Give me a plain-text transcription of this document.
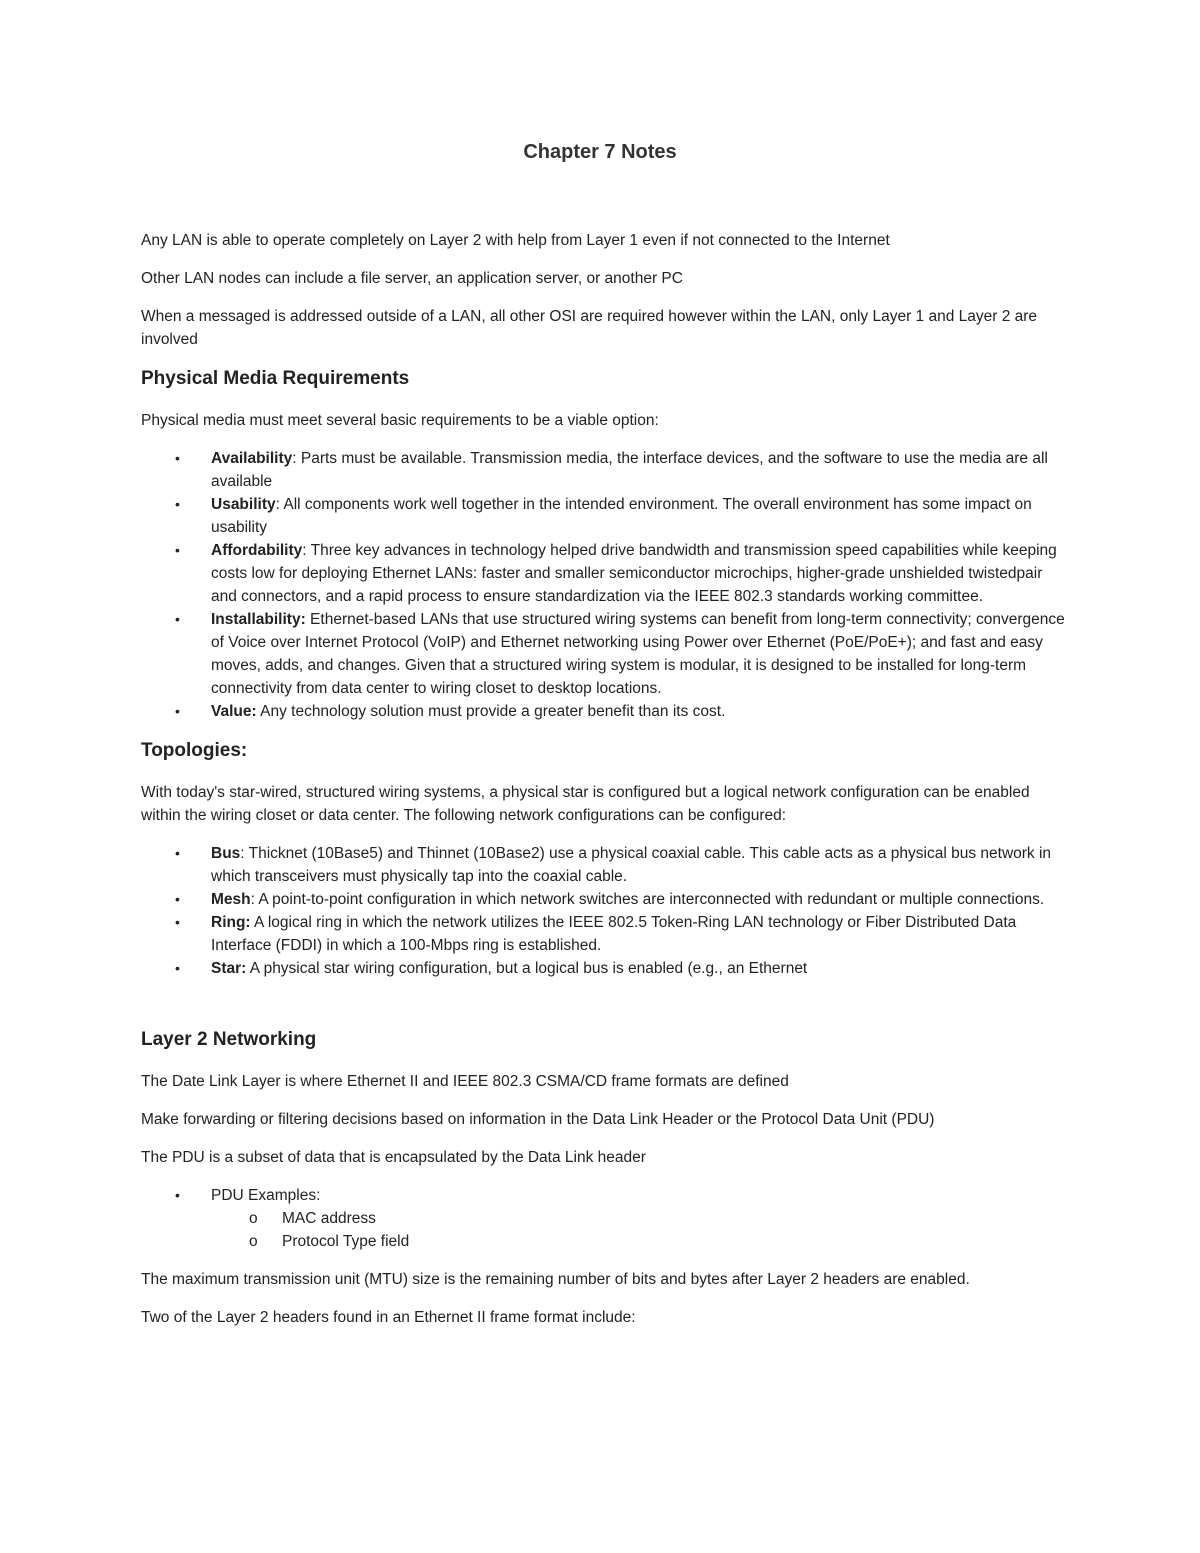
Chapter 7 Notes

Any LAN is able to operate completely on Layer 2 with help from Layer 1 even if not connected to the Internet

Other LAN nodes can include a file server, an application server, or another PC

When a messaged is addressed outside of a LAN, all other OSI are required however within the LAN, only Layer 1 and Layer 2 are involved

Physical Media Requirements

Physical media must meet several basic requirements to be a viable option:

• Availability: Parts must be available. Transmission media, the interface devices, and the software to use the media are all available
• Usability: All components work well together in the intended environment. The overall environment has some impact on usability
• Affordability: Three key advances in technology helped drive bandwidth and transmission speed capabilities while keeping costs low for deploying Ethernet LANs: faster and smaller semiconductor microchips, higher-grade unshielded twistedpair and connectors, and a rapid process to ensure standardization via the IEEE 802.3 standards working committee.
• Installability: Ethernet-based LANs that use structured wiring systems can benefit from long-term connectivity; convergence of Voice over Internet Protocol (VoIP) and Ethernet networking using Power over Ethernet (PoE/PoE+); and fast and easy moves, adds, and changes. Given that a structured wiring system is modular, it is designed to be installed for long-term connectivity from data center to wiring closet to desktop locations.
• Value: Any technology solution must provide a greater benefit than its cost.
Topologies:

With today's star-wired, structured wiring systems, a physical star is configured but a logical network configuration can be enabled within the wiring closet or data center. The following network configurations can be configured:

• Bus: Thicknet (10Base5) and Thinnet (10Base2) use a physical coaxial cable. This cable acts as a physical bus network in which transceivers must physically tap into the coaxial cable.
• Mesh: A point-to-point configuration in which network switches are interconnected with redundant or multiple connections.
• Ring: A logical ring in which the network utilizes the IEEE 802.5 Token-Ring LAN technology or Fiber Distributed Data Interface (FDDI) in which a 100-Mbps ring is established.
• Star: A physical star wiring configuration, but a logical bus is enabled (e.g., an Ethernet
Layer 2 Networking

The Date Link Layer is where Ethernet II and IEEE 802.3 CSMA/CD frame formats are defined

Make forwarding or filtering decisions based on information in the Data Link Header or the Protocol Data Unit (PDU)

The PDU is a subset of data that is encapsulated by the Data Link header

• PDU Examples:
o MAC address
o Protocol Type field

The maximum transmission unit (MTU) size is the remaining number of bits and bytes after Layer 2 headers are enabled.

Two of the Layer 2 headers found in an Ethernet II frame format include:
